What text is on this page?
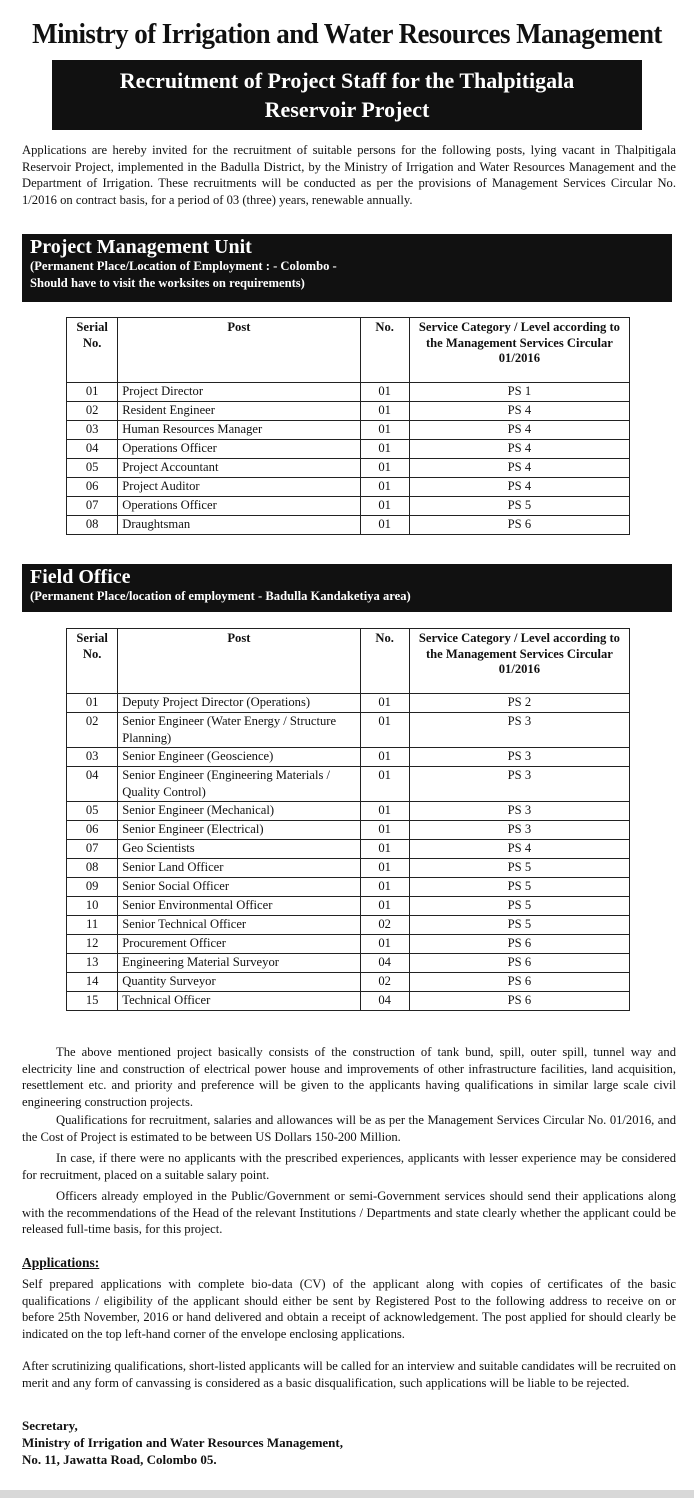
Ministry of Irrigation and Water Resources Management
Recruitment of Project Staff for the Thalpitigala
Reservoir Project

Applications are hereby invited for the recruitment of suitable persons for the following posts, lying vacant in Thalpitigala Reservoir Project, implemented in the Badulla District, by the Ministry of Irrigation and Water Resources Management and the Department of Irrigation. These recruitments will be conducted as per the provisions of Management Services Circular No. 1/2016 on contract basis, for a period of 03 (three) years, renewable annually.

Project Management Unit
(Permanent Place/Location of Employment : - Colombo -
Should have to visit the worksites on requirements)
Serial No.	Post	No.	Service Category / Level according to the Management Services Circular 01/2016
01	Project Director	01	PS 1
02	Resident Engineer	01	PS 4
03	Human Resources Manager	01	PS 4
04	Operations Officer	01	PS 4
05	Project Accountant	01	PS 4
06	Project Auditor	01	PS 4
07	Operations Officer	01	PS 5
08	Draughtsman	01	PS 6
Field Office
(Permanent Place/location of employment - Badulla Kandaketiya area)
Serial No.	Post	No.	Service Category / Level according to the Management Services Circular 01/2016
01	Deputy Project Director (Operations)	01	PS 2
02	Senior Engineer (Water Energy / Structure Planning)	01	PS 3
03	Senior Engineer (Geoscience)	01	PS 3
04	Senior Engineer (Engineering Materials / Quality Control)	01	PS 3
05	Senior Engineer (Mechanical)	01	PS 3
06	Senior Engineer (Electrical)	01	PS 3
07	Geo Scientists	01	PS 4
08	Senior Land Officer	01	PS 5
09	Senior Social Officer	01	PS 5
10	Senior Environmental Officer	01	PS 5
11	Senior Technical Officer	02	PS 5
12	Procurement Officer	01	PS 6
13	Engineering Material Surveyor	04	PS 6
14	Quantity Surveyor	02	PS 6
15	Technical Officer	04	PS 6

The above mentioned project basically consists of the construction of tank bund, spill, outer spill, tunnel way and electricity line and construction of electrical power house and improvements of other infrastructure facilities, land acquisition, resettlement etc. and priority and preference will be given to the applicants having qualifications in similar large scale civil engineering construction projects.

Qualifications for recruitment, salaries and allowances will be as per the Management Services Circular No. 01/2016, and the Cost of Project is estimated to be between US Dollars 150-200 Million.

In case, if there were no applicants with the prescribed experiences, applicants with lesser experience may be considered for recruitment, placed on a suitable salary point.

Officers already employed in the Public/Government or semi-Government services should send their applications along with the recommendations of the Head of the relevant Institutions / Departments and state clearly whether the applicant could be released full-time basis, for this project.

Applications:

Self prepared applications with complete bio-data (CV) of the applicant along with copies of certificates of the basic qualifications / eligibility of the applicant should either be sent by Registered Post to the following address to receive on or before 25th November, 2016 or hand delivered and obtain a receipt of acknowledgement. The post applied for should clearly be indicated on the top left-hand corner of the envelope enclosing applications.

After scrutinizing qualifications, short-listed applicants will be called for an interview and suitable candidates will be recruited on merit and any form of canvassing is considered as a basic disqualification, such applications will be liable to be rejected.

Secretary,
Ministry of Irrigation and Water Resources Management,
No. 11, Jawatta Road, Colombo 05.
